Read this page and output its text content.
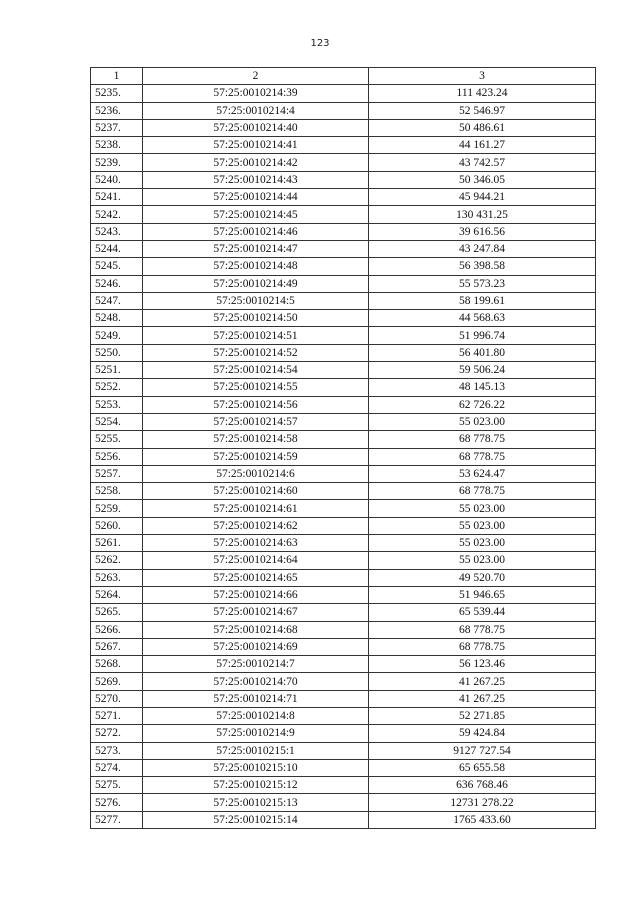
123
1	2	3
5235.	57:25:0010214:39	111 423.24
5236.	57:25:0010214:4	52 546.97
5237.	57:25:0010214:40	50 486.61
5238.	57:25:0010214:41	44 161.27
5239.	57:25:0010214:42	43 742.57
5240.	57:25:0010214:43	50 346.05
5241.	57:25:0010214:44	45 944.21
5242.	57:25:0010214:45	130 431.25
5243.	57:25:0010214:46	39 616.56
5244.	57:25:0010214:47	43 247.84
5245.	57:25:0010214:48	56 398.58
5246.	57:25:0010214:49	55 573.23
5247.	57:25:0010214:5	58 199.61
5248.	57:25:0010214:50	44 568.63
5249.	57:25:0010214:51	51 996.74
5250.	57:25:0010214:52	56 401.80
5251.	57:25:0010214:54	59 506.24
5252.	57:25:0010214:55	48 145.13
5253.	57:25:0010214:56	62 726.22
5254.	57:25:0010214:57	55 023.00
5255.	57:25:0010214:58	68 778.75
5256.	57:25:0010214:59	68 778.75
5257.	57:25:0010214:6	53 624.47
5258.	57:25:0010214:60	68 778.75
5259.	57:25:0010214:61	55 023.00
5260.	57:25:0010214:62	55 023.00
5261.	57:25:0010214:63	55 023.00
5262.	57:25:0010214:64	55 023.00
5263.	57:25:0010214:65	49 520.70
5264.	57:25:0010214:66	51 946.65
5265.	57:25:0010214:67	65 539.44
5266.	57:25:0010214:68	68 778.75
5267.	57:25:0010214:69	68 778.75
5268.	57:25:0010214:7	56 123.46
5269.	57:25:0010214:70	41 267.25
5270.	57:25:0010214:71	41 267.25
5271.	57:25:0010214:8	52 271.85
5272.	57:25:0010214:9	59 424.84
5273.	57:25:0010215:1	9127 727.54
5274.	57:25:0010215:10	65 655.58
5275.	57:25:0010215:12	636 768.46
5276.	57:25:0010215:13	12731 278.22
5277.	57:25:0010215:14	1765 433.60
